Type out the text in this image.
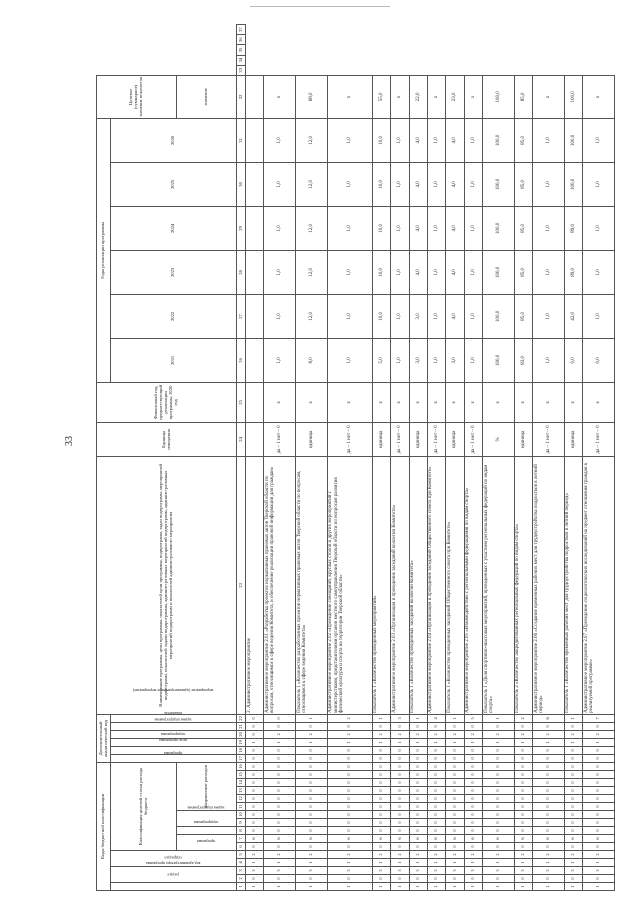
33
Коды бюджетной классификации																Дополнительный аналитический код						Наименование программы, цели программы, показателей цели программы, подпрограмм, задач подпрограмм, мероприятий подпрограмм, показателей задачи подпрограммы, административных мероприятий подпрограмм, административных мероприятий подпрограмм и показателей административного мероприятия	Единица измерения	Финансовый год, предшествующий реализации программы, 2020 год	Годы реализации программы						Целевое (суммарное) значение показателя					
код администратора программы	раздел		подраздел		Классификация целевой статьи расхода бюджета											программа	цель программы	подпрограмма	задача подпрограммы	мероприятие (административное мероприятие)	показатель				2021	2022	2023	2024	2025	2026						
					программа		подпрограмма	задача подпрограммы		направление расходов																					значение					
1	2	3	4	5	6	7	8	9	10	11	12	13	14	15	16	17	18	19	20	21	22	23	24	25	26	27	28	29	30	31	32	33	34	35	36	37
1	0	3	1	2	0	6	0	0	0	0	0	0	0	0	0	0	0	1	0	0	0	2. Административное мероприятие														
1	0	3	1	2	0	6	0	0	0	0	0	0	0	0	0	0	0	1	2	0	0	Административное мероприятие 2.01 «Разработка проектов нормативных правовых актов Тверской области по вопросам, относящимся к сфере ведения Комитета, и обеспечение реализации правовой информации для граждан»	да – 1 нет – 0	х	1,0	1,0	1,0	1,0	1,0	1,0	х					
1	0	3	1	2	0	6	0	0	0	0	0	0	0	0	0	0	0	1	2	0	1	Показатель 1 «Количество разработанных проектов нормативных правовых актов Тверской области по вопросам, относящимся к сфере ведения Комитета»	единица	х	8,0	12,0	12,0	12,0	12,0	12,0	68,0					
1	0	3	1	2	0	6	0	0	0	0	0	0	0	0	0	0	0	1	2	0	2	Административное мероприятие 2.02 «Проведение совещаний, круглых столов и других мероприятий с министерствами, представителями органов местного самоуправления Тверской области по вопросам развития физической культуры и спорта на территории Тверской области»	да – 1 нет – 0	х	1,0	1,0	1,0	1,0	1,0	1,0	х					
1	0	3	1	2	0	6	0	0	0	0	0	0	0	0	0	0	0	1	2	0	1	Показатель 1 «Количество проведенных мероприятий»	единица	х	5,0	10,0	10,0	10,0	10,0	10,0	55,0					
1	0	3	1	2	0	6	0	0	0	0	0	0	0	0	0	0	0	1	2	0	3	Административное мероприятие 2.03 «Организация и проведение заседаний коллегии Комитета»	да – 1 нет – 0	х	1,0	1,0	1,0	1,0	1,0	1,0	х					
1	0	3	1	2	0	6	0	0	0	0	0	0	0	0	0	0	0	1	2	0	1	Показатель 1 «Количество проведенных заседаний коллегии Комитета»	единица	х	3,0	3,0	4,0	4,0	4,0	4,0	22,0					
1	0	3	1	2	0	6	0	0	0	0	0	0	0	0	0	0	0	1	2	0	4	Административное мероприятие 2.04 «Организация и проведение заседаний Общественного совета при Комитете»	да – 1 нет – 0	х	1,0	1,0	1,0	1,0	1,0	1,0	х					
1	0	3	1	2	0	6	0	0	0	0	0	0	0	0	0	0	0	1	2	0	1	Показатель 1 «Количество проведенных заседаний Общественного совета при Комитете»	единица	х	3,0	4,0	4,0	4,0	4,0	4,0	23,0					
1	0	3	1	2	0	6	0	0	0	0	0	0	0	0	0	0	0	1	2	0	5	Административное мероприятие 2.05 «Взаимодействие с региональными федерациями по видам спорта»	да – 1 нет – 0	х	1,0	1,0	1,0	1,0	1,0	1,0	х					
1	0	3	1	2	0	6	0	0	0	0	0	0	0	0	0	0	0	1	2	0	1	Показатель 1 «Доля спортивно-массовых мероприятий, проведенных с участием региональных федераций по видам спорта»	%	х	100,0	100,0	100,0	100,0	100,0	100,0	100,0					
1	0	3	1	2	0	6	0	0	0	0	0	0	0	0	0	0	0	1	2	0	2	Показатель 2 «Количество аккредитованных региональных федераций по видам спорта»	единица	х	83,0	85,0	85,0	85,0	85,0	85,0	85,0					
1	0	3	1	2	0	6	0	0	0	0	0	0	0	0	0	0	0	1	2	0	6	Административное мероприятие 2.06 «Создание временных рабочих мест для трудоустройства подростков в летний период»	да – 1 нет – 0	х	1,0	1,0	1,0	1,0	1,0	1,0	х					
1	0	3	1	2	0	6	0	0	0	0	0	0	0	0	0	0	0	1	2	0	1	Показатель 1 «Количество временных рабочих мест для трудоустройства подростков в летний период»	единица	х	0,0	42,0	89,0	89,0	100,0	100,0	100,0					
1	0	3	1	2	0	6	0	0	0	0	0	0	0	0	0	0	0	1	2	0	7	Административное мероприятие 2.07 «Проведение социологических исследований на предмет отношения граждан к реализуемой программе»	да – 1 нет – 0	х	0,0	1,0	1,0	1,0	1,0	1,0	х					
